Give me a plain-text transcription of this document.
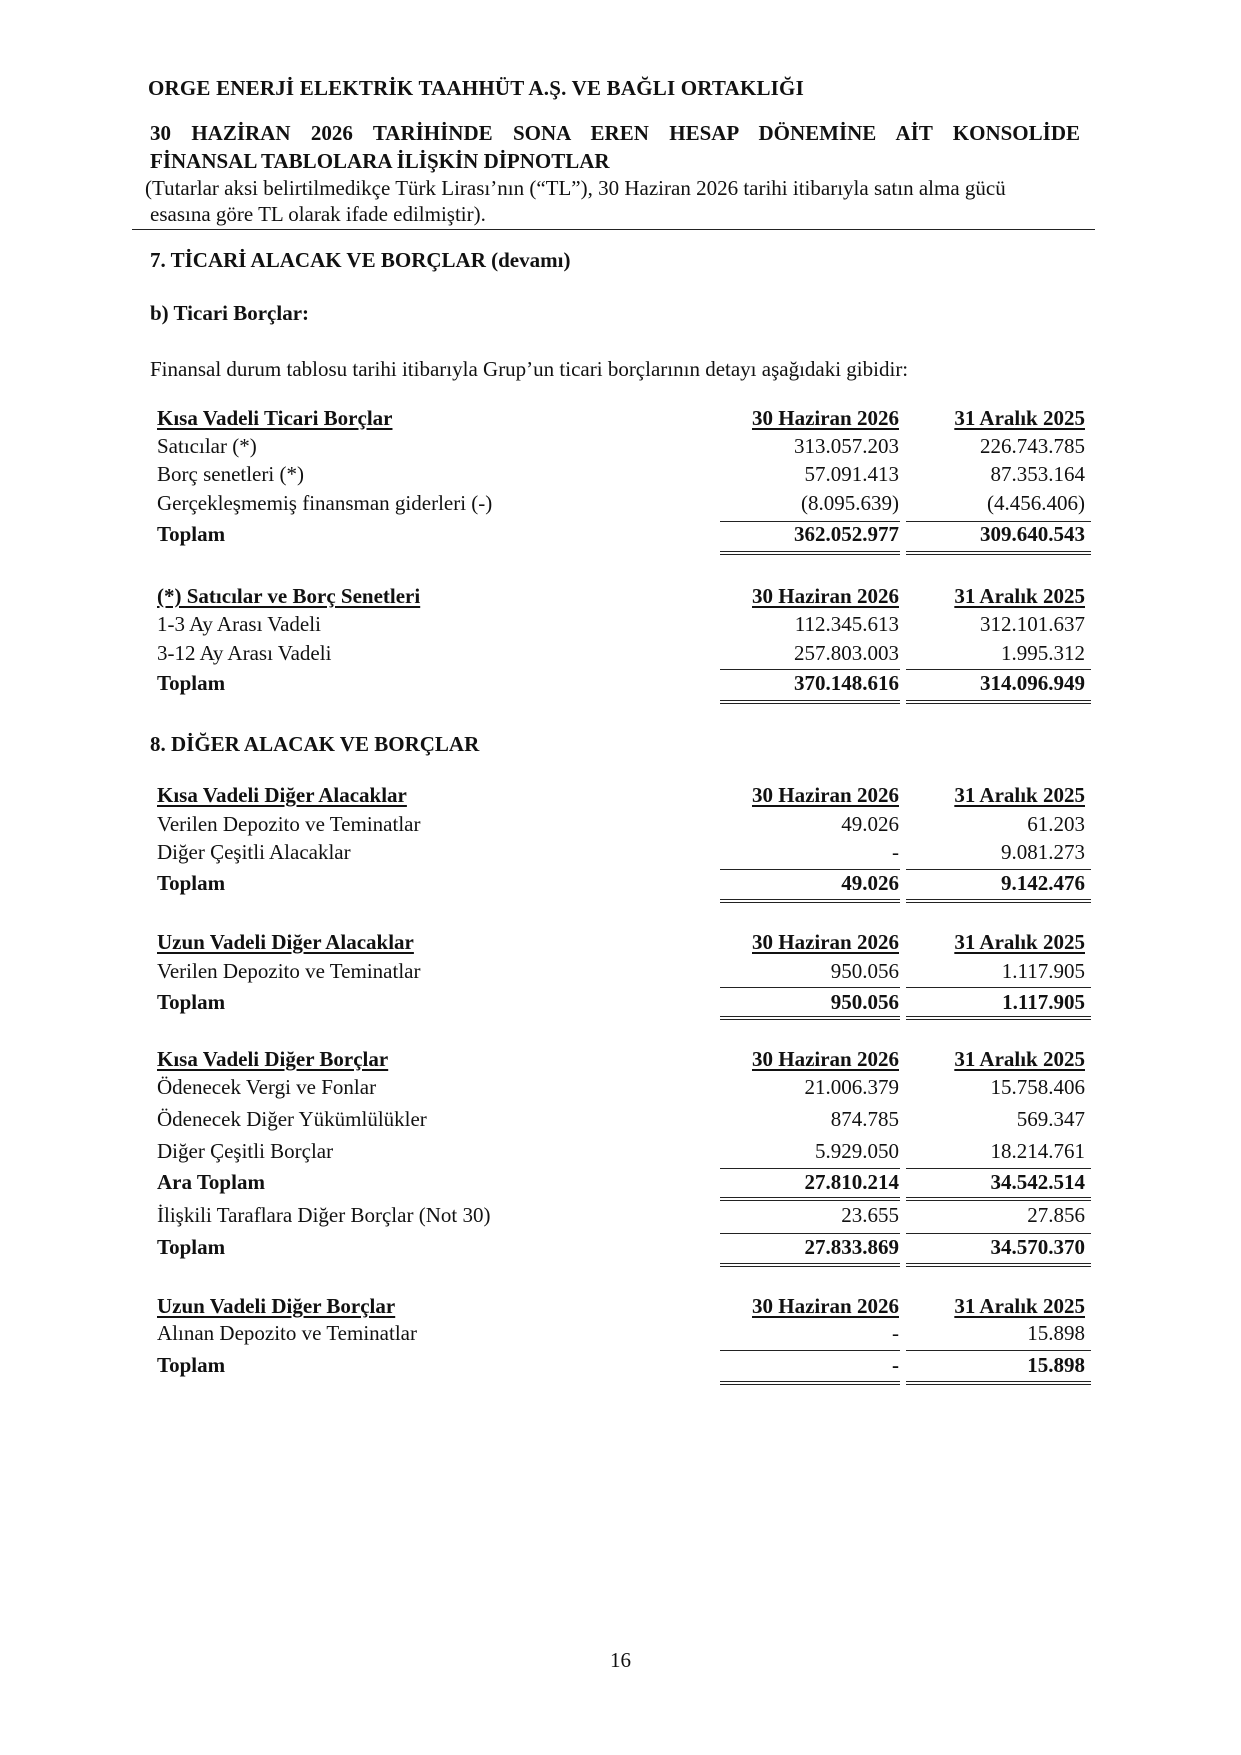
ORGE ENERJİ ELEKTRİK TAAHHÜT A.Ş. VE BAĞLI ORTAKLIĞI
30 HAZİRAN 2026 TARİHİNDE SONA EREN HESAP DÖNEMİNE AİT KONSOLİDE
FİNANSAL TABLOLARA İLİŞKİN DİPNOTLAR
(Tutarlar aksi belirtilmedikçe Türk Lirası’nın (“TL”), 30 Haziran 2026 tarihi itibarıyla satın alma gücü
esasına göre TL olarak ifade edilmiştir).
7. TİCARİ ALACAK VE BORÇLAR (devamı)
b) Ticari Borçlar:
Finansal durum tablosu tarihi itibarıyla Grup’un ticari borçlarının detayı aşağıdaki gibidir:
Kısa Vadeli Ticari Borçlar	30 Haziran 2026	31 Aralık 2025
Satıcılar (*)	313.057.203	226.743.785
Borç senetleri (*)	57.091.413	87.353.164
Gerçekleşmemiş finansman giderleri (-)	(8.095.639)	(4.456.406)
Toplam	362.052.977	309.640.543
(*) Satıcılar ve Borç Senetleri	30 Haziran 2026	31 Aralık 2025
1-3 Ay Arası Vadeli	112.345.613	312.101.637
3-12 Ay Arası Vadeli	257.803.003	1.995.312
Toplam	370.148.616	314.096.949
8. DİĞER ALACAK VE BORÇLAR
Kısa Vadeli Diğer Alacaklar	30 Haziran 2026	31 Aralık 2025
Verilen Depozito ve Teminatlar	49.026	61.203
Diğer Çeşitli Alacaklar	-	9.081.273
Toplam	49.026	9.142.476
Uzun Vadeli Diğer Alacaklar	30 Haziran 2026	31 Aralık 2025
Verilen Depozito ve Teminatlar	950.056	1.117.905
Toplam	950.056	1.117.905
Kısa Vadeli Diğer Borçlar	30 Haziran 2026	31 Aralık 2025
Ödenecek Vergi ve Fonlar	21.006.379	15.758.406
Ödenecek Diğer Yükümlülükler	874.785	569.347
Diğer Çeşitli Borçlar	5.929.050	18.214.761
Ara Toplam	27.810.214	34.542.514
İlişkili Taraflara Diğer Borçlar (Not 30)	23.655	27.856
Toplam	27.833.869	34.570.370
Uzun Vadeli Diğer Borçlar	30 Haziran 2026	31 Aralık 2025
Alınan Depozito ve Teminatlar	-	15.898
Toplam	-	15.898
16
